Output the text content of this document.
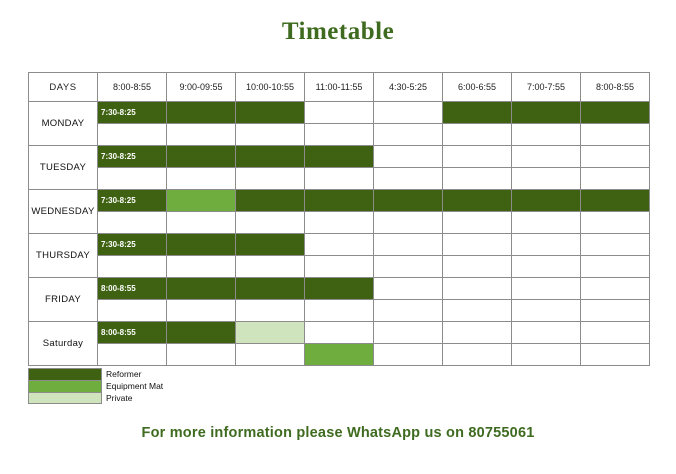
Timetable
DAYS	8:00-8:55	9:00-09:55	10:00-10:55	11:00-11:55	4:30-5:25	6:00-6:55	7:00-7:55	8:00-8:55
MONDAY	7:30-8:25							

TUESDAY	7:30-8:25							

WEDNESDAY	7:30-8:25							

THURSDAY	7:30-8:25							

FRIDAY	8:00-8:55							

Saturday	8:00-8:55							

Reformer
Equipment Mat
Private
For more information please WhatsApp us on 80755061
